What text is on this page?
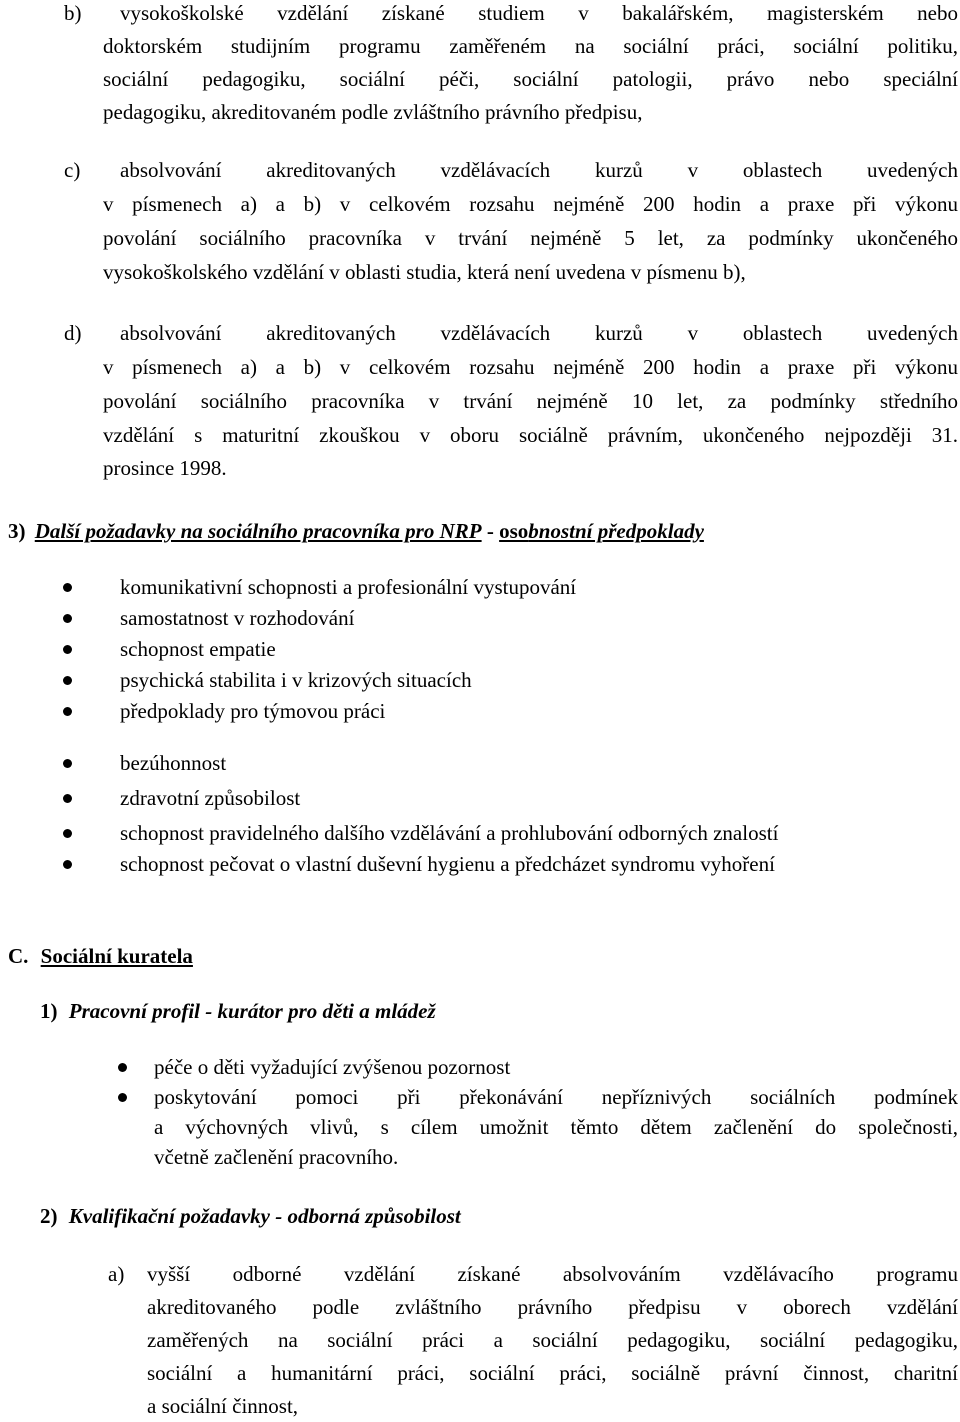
b) vysokoškolské vzdělání získané studiem v bakalářském, magisterském nebo
doktorském studijním programu zaměřeném na sociální práci, sociální politiku,
sociální pedagogiku, sociální péči, sociální patologii, právo nebo speciální
pedagogiku, akreditovaném podle zvláštního právního předpisu,
c) absolvování akreditovaných vzdělávacích kurzů v oblastech uvedených
v písmenech a) a b) v celkovém rozsahu nejméně 200 hodin a praxe při výkonu
povolání sociálního pracovníka v trvání nejméně 5 let, za podmínky ukončeného
vysokoškolského vzdělání v oblasti studia, která není uvedena v písmenu b),
d) absolvování akreditovaných vzdělávacích kurzů v oblastech uvedených
v písmenech a) a b) v celkovém rozsahu nejméně 200 hodin a praxe při výkonu
povolání sociálního pracovníka v trvání nejméně 10 let, za podmínky středního
vzdělání s maturitní zkouškou v oboru sociálně právním, ukončeného nejpozději 31.
prosince 1998.
3) Další požadavky na sociálního pracovníka pro NRP - osobnostní předpoklady
komunikativní schopnosti a profesionální vystupování
samostatnost v rozhodování
schopnost empatie
psychická stabilita i v krizových situacích
předpoklady pro týmovou práci
bezúhonnost
zdravotní způsobilost
schopnost pravidelného dalšího vzdělávání a prohlubování odborných znalostí
schopnost pečovat o vlastní duševní hygienu a předcházet syndromu vyhoření
C. Sociální kuratela
1) Pracovní profil - kurátor pro děti a mládež
péče o děti vyžadující zvýšenou pozornost
poskytování pomoci při překonávání nepříznivých sociálních podmínek
a výchovných vlivů, s cílem umožnit těmto dětem začlenění do společnosti,
včetně začlenění pracovního.
2) Kvalifikační požadavky - odborná způsobilost
a) vyšší odborné vzdělání získané absolvováním vzdělávacího programu
akreditovaného podle zvláštního právního předpisu v oborech vzdělání
zaměřených na sociální práci a sociální pedagogiku, sociální pedagogiku,
sociální a humanitární práci, sociální práci, sociálně právní činnost, charitní
a sociální činnost,
